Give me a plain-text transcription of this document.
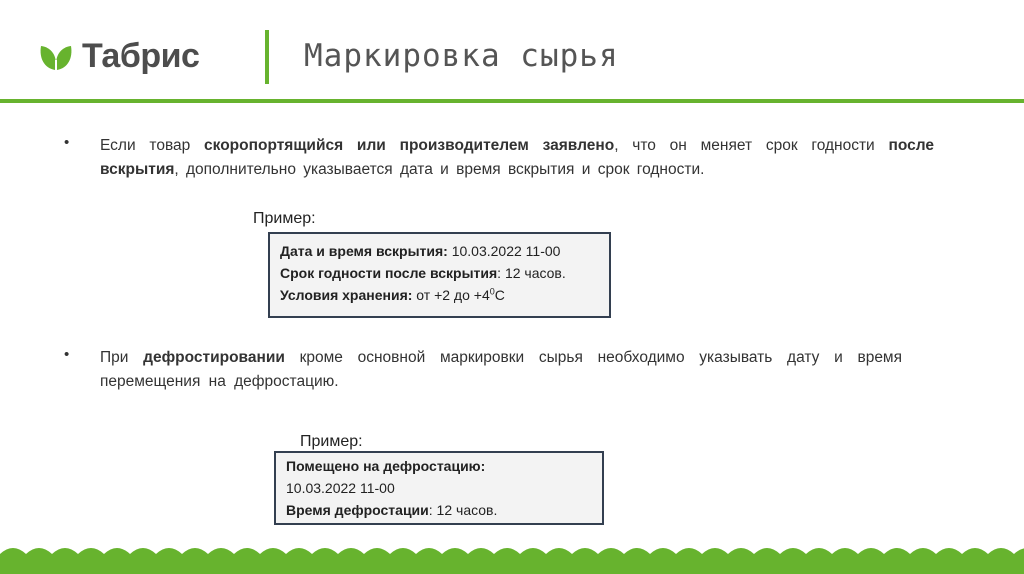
Табрис	Маркировка сырья
• Если товар скоропортящийся или производителем заявлено, что он меняет срок годности после вскрытия, дополнительно указывается дата и время вскрытия и срок годности.
Пример:
Дата и время вскрытия: 10.03.2022 11-00
Срок годности после вскрытия: 12 часов.
Условия хранения: от +2 до $+4^0С$
• При дефростировании кроме основной маркировки сырья необходимо указывать дату и время перемещения на дефростацию.
Пример:
Помещено на дефростацию:
10.03.2022 11-00
Время дефростации: 12 часов.
